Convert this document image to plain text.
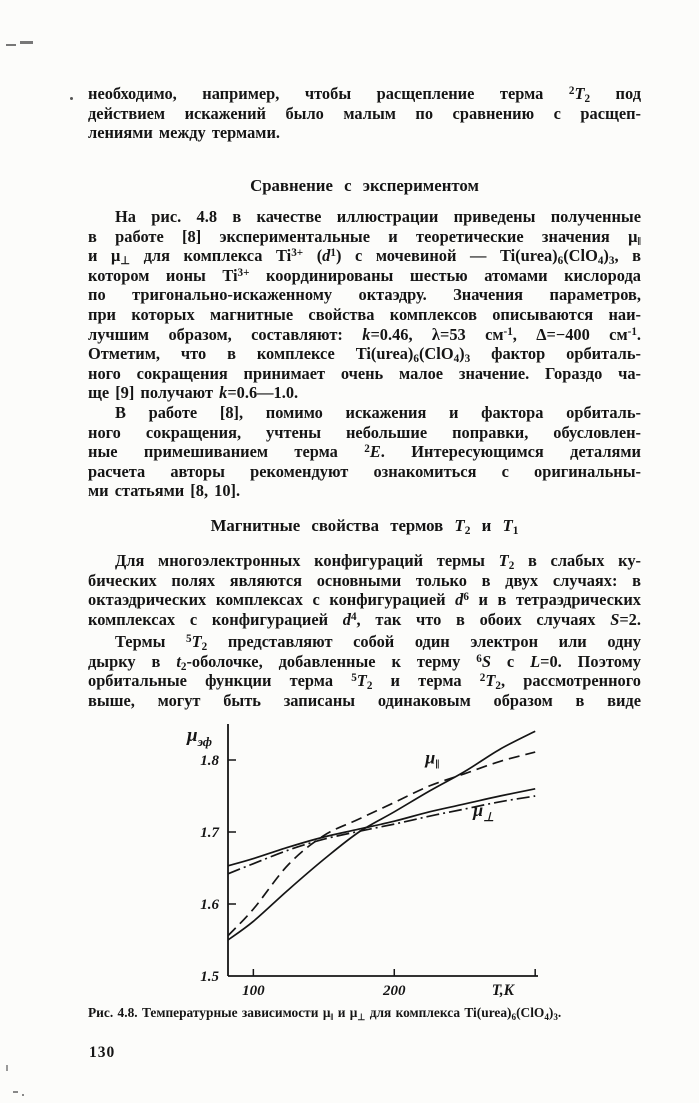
необходимо, например, чтобы расщепление терма $^2T_2$ под
действием искажений было малым по сравнению с расщеп-
лениями между термами.
Сравнение с экспериментом
На рис. 4.8 в качестве иллюстрации приведены полученные
в работе [8] экспериментальные и теоретические значения $\mu_‖$
и $\mu_\perp$ для комплекса $Ti^{3+}$ $(d^1)$ с мочевиной — $Ti(urea)_6(ClO_4)_3$, в
котором ионы $Ti^{3+}$ координированы шестью атомами кислорода
по тригонально-искаженному октаэдру. Значения параметров,
при которых магнитные свойства комплексов описываются наи-
лучшим образом, составляют: k=0.46, λ=53 $см^{-1}$, Δ=−400 $см^{-1}$.
Отметим, что в комплексе $Ti(urea)_6(ClO_4)_3$ фактор орбиталь-
ного сокращения принимает очень малое значение. Гораздо ча-
ще [9] получают k=0.6—1.0.
В работе [8], помимо искажения и фактора орбиталь-
ного сокращения, учтены небольшие поправки, обусловлен-
ные примешиванием терма $^2$E. Интересующимся деталями
расчета авторы рекомендуют ознакомиться с оригинальны-
ми статьями [8, 10].
Магнитные свойства термов $T_2$ и $T_1$
Для многоэлектронных конфигураций термы $T_2$ в слабых ку-
бических полях являются основными только в двух случаях: в
октаэдрических комплексах с конфигурацией $d^6$ и в тетраэдрических
комплексах с конфигурацией $d^4$, так что в обоих случаях S=2.
Термы $^5T_2$ представляют собой один электрон или одну
дырку в $t_2$-оболочке, добавленные к терму $^6$S с L=0. Поэтому
орбитальные функции терма $^5T_2$ и терма $^2T_2$, рассмотренного
выше, могут быть записаны одинаковым образом в виде
100	200
1.5
1.6
1.7
1.8
T,K
$\mu_{эф}$
$\mu_‖$
$\mu_\perp$
Рис. 4.8. Температурные зависимости $\mu_‖$ и $\mu_\perp$ для комплекса $Ti(urea)_6(ClO_4)_3$.
130
